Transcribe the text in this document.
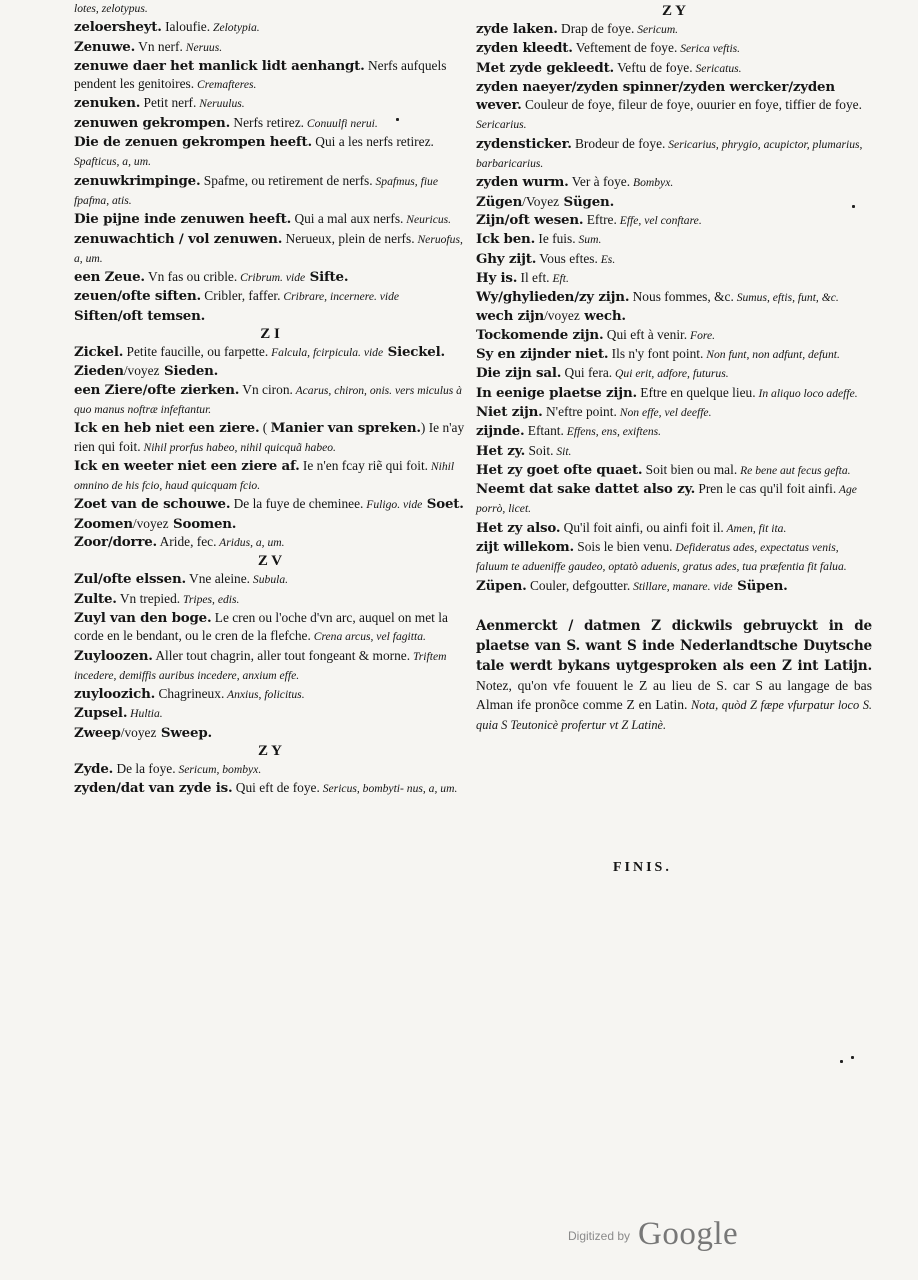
lotes, zelotypus.
zeloersheyt. Ialoufie. Zelotypia.
Zenuwe. Vn nerf. Neruus.
zenuwe daer het manlick lidt aenhangt. Nerfs aufquels pendent les genitoires. Cremafteres.
zenuken. Petit nerf. Neruulus.
zenuwen gekrompen. Nerfs retirez. Conuulfi nerui.
Die de zenuen gekrompen heeft. Qui a les nerfs retirez. Spafticus, a, um.
zenuwkrimpinge. Spafme, ou retirement de nerfs. Spafmus, fiue fpafma, atis.
Die pijne inde zenuwen heeft. Qui a mal aux nerfs. Neuricus.
zenuwachtich / vol zenuwen. Nerueux, plein de nerfs. Neruofus, a, um.
een Zeue. Vn fas ou crible. Cribrum. vide Sifte.
zeuen/ofte siften. Cribler, faffer. Cribrare, incernere. vide Siften/oft temsen.
Z I
Zickel. Petite faucille, ou farpette. Falcula, fcirpicula. vide Sieckel.
Zieden/voyez Sieden.
een Ziere/ofte zierken. Vn ciron. Acarus, chiron, onis. vers miculus à quo manus noftræ infeftantur.
Ick en heb niet een ziere. ( Manier van spreken.) Ie n'ay rien qui foit. Nihil prorfus habeo, nihil quicquã habeo.
Ick en weeter niet een ziere af. Ie n'en fcay riẽ qui foit. Nihil omnino de his fcio, haud quicquam fcio.
Zoet van de schouwe. De la fuye de cheminee. Fuligo. vide Soet.
Zoomen/voyez Soomen.
Zoor/dorre. Aride, fec. Aridus, a, um.
Z V
Zul/ofte elssen. Vne aleine. Subula.
Zulte. Vn trepied. Tripes, edis.
Zuyl van den boge. Le cren ou l'oche d'vn arc, auquel on met la corde en le bendant, ou le cren de la flefche. Crena arcus, vel fagitta.
Zuyloozen. Aller tout chagrin, aller tout fongeant & morne. Triftem incedere, demiffis auribus incedere, anxium effe.
zuyloozich. Chagrineux. Anxius, folicitus.
Zupsel. Hultia.
Zweep/voyez Sweep.
Z Y
Zyde. De la foye. Sericum, bombyx.
zyden/dat van zyde is. Qui eft de foye. Sericus, bombyti- nus, a, um.
Z Y
zyde laken. Drap de foye. Sericum.
zyden kleedt. Veftement de foye. Serica veftis.
Met zyde gekleedt. Veftu de foye. Sericatus.
zyden naeyer/zyden spinner/zyden wercker/zyden wever. Couleur de foye, fileur de foye, ouurier en foye, tiffier de foye. Sericarius.
zydensticker. Brodeur de foye. Sericarius, phrygio, acupictor, plumarius, barbaricarius.
zyden wurm. Ver à foye. Bombyx.
Zügen/Voyez Sügen.
Zijn/oft wesen. Eftre. Effe, vel conftare.
Ick ben. Ie fuis. Sum.
Ghy zijt. Vous eftes. Es.
Hy is. Il eft. Eft.
Wy/ghylieden/zy zijn. Nous fommes, &c. Sumus, eftis, funt, &c.
wech zijn/voyez wech.
Tockomende zijn. Qui eft à venir. Fore.
Sy en zijnder niet. Ils n'y font point. Non funt, non adfunt, defunt.
Die zijn sal. Qui fera. Qui erit, adfore, futurus.
In eenige plaetse zijn. Eftre en quelque lieu. In aliquo loco adeffe.
Niet zijn. N'eftre point. Non effe, vel deeffe.
zijnde. Eftant. Effens, ens, exiftens.
Het zy. Soit. Sit.
Het zy goet ofte quaet. Soit bien ou mal. Re bene aut fecus gefta.
Neemt dat sake dattet also zy. Pren le cas qu'il foit ainfi. Age porrò, licet.
Het zy also. Qu'il foit ainfi, ou ainfi foit il. Amen, fit ita.
zijt willekom. Sois le bien venu. Defideratus ades, expectatus venis, faluum te adueniffe gaudeo, optatò aduenis, gratus ades, tua præfentia fit falua.
Züpen. Couler, defgoutter. Stillare, manare. vide Süpen.
Aenmerckt / datmen Z dickwils gebruyckt in de plaetse van S. want S inde Nederlandtsche Duytsche tale werdt bykans uytgesproken als een Z int Latijn. Notez, qu'on vfe fouuent le Z au lieu de S. car S au langage de bas Alman ife pronõce comme Z en Latin. Nota, quòd Z fæpe vfurpatur loco S. quia S Teutonicè profertur vt Z Latinè.
FINIS.
$^{Digitized by}$ Google
